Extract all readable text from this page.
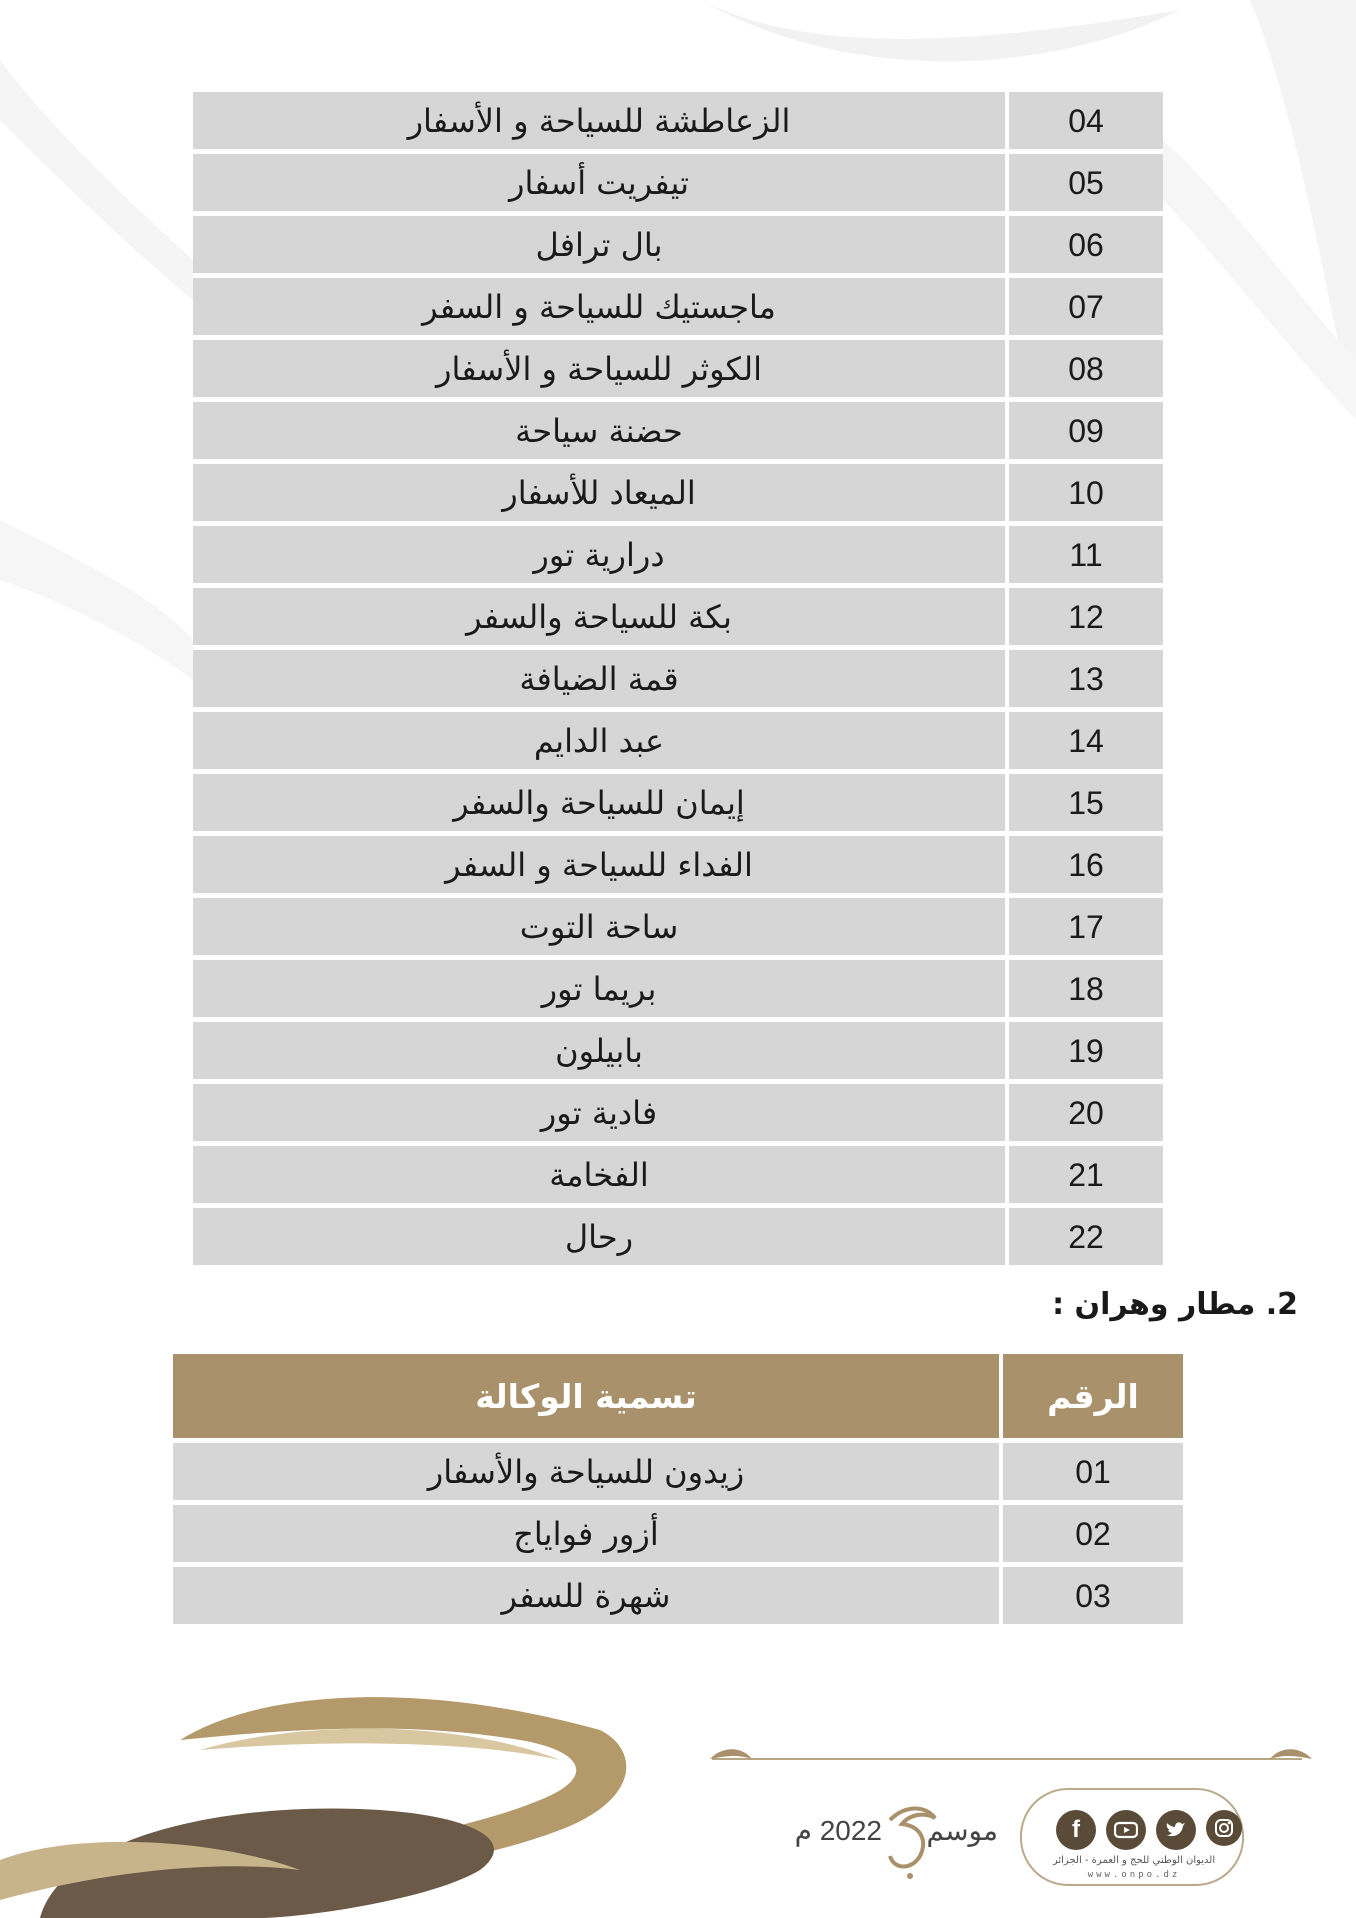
04	الزعاطشة للسياحة و الأسفار
05	تيفريت أسفار
06	بال ترافل
07	ماجستيك للسياحة و السفر
08	الكوثر للسياحة و الأسفار
09	حضنة سياحة
10	الميعاد للأسفار
11	درارية تور
12	بكة للسياحة والسفر
13	قمة الضيافة
14	عبد الدايم
15	إيمان للسياحة والسفر
16	الفداء للسياحة و السفر
17	ساحة التوت
18	بريما تور
19	بابيلون
20	فادية تور
21	الفخامة
22	رحال
2. مطار وهران :
الرقم	تسمية الوكالة
01	زيدون للسياحة والأسفار
02	أزور فواياج
03	شهرة للسفر
موسم
2022 م	f
الديوان الوطني للحج و العمرة - الجزائر
www.onpo.dz
